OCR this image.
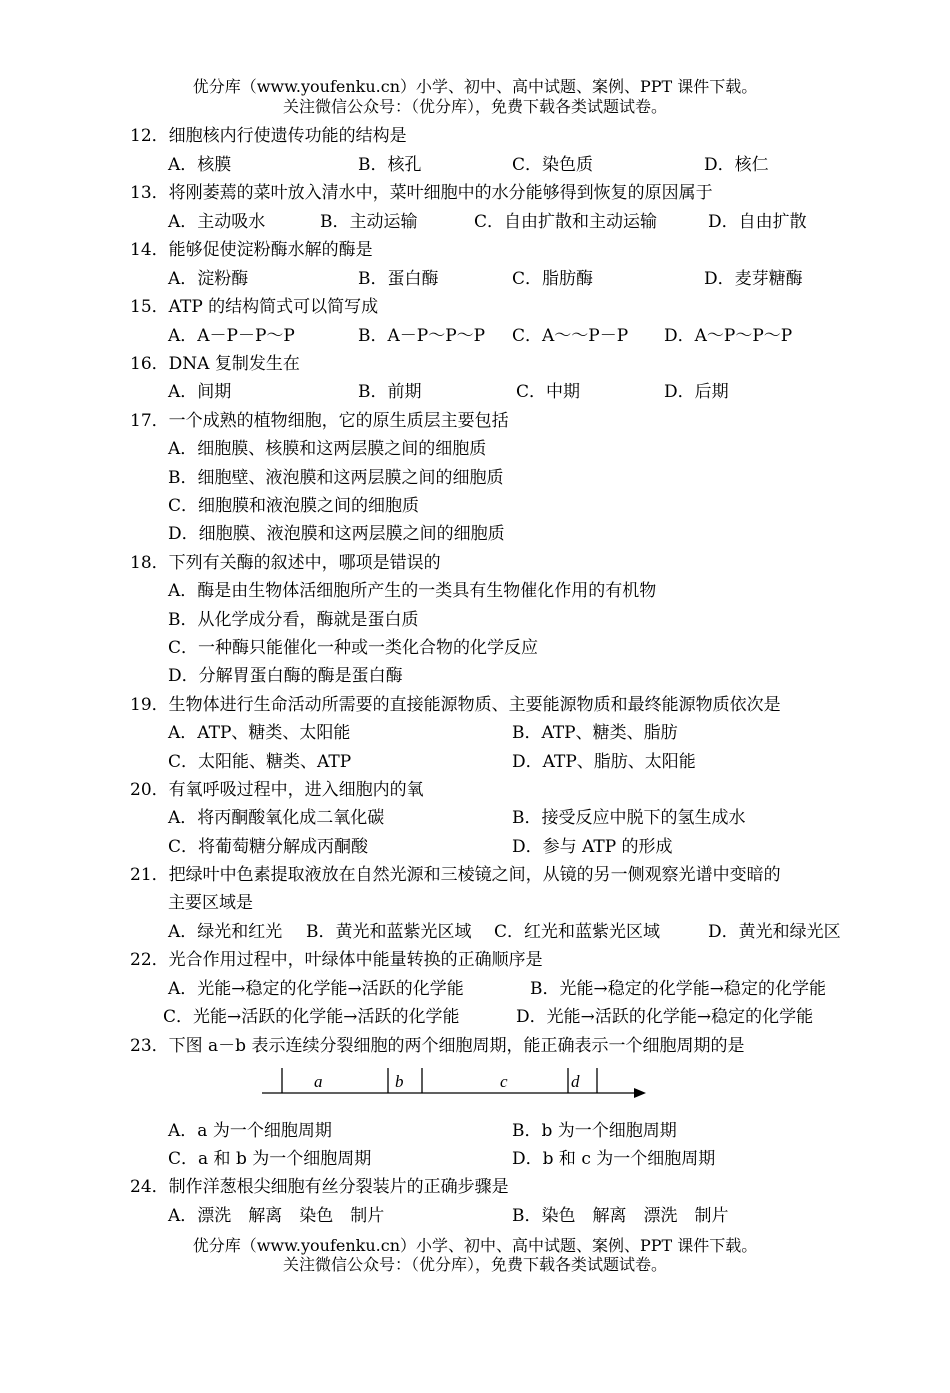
优分库（www.youfenku.cn）小学、初中、高中试题、案例、PPT 课件下载。
关注微信公众号：（优分库），免费下载各类试题试卷。
12．细胞核内行使遗传功能的结构是
A．核膜	B．核孔	C．染色质	D．核仁
13．将刚萎蔫的菜叶放入清水中，菜叶细胞中的水分能够得到恢复的原因属于
A．主动吸水	B．主动运输	C．自由扩散和主动运输	D．自由扩散
14．能够促使淀粉酶水解的酶是
A．淀粉酶	B．蛋白酶	C．脂肪酶	D．麦芽糖酶
15．ATP 的结构简式可以简写成
A．A－P－P～P	B．A－P～P～P C．A～～P－P D．A～P～P～P
16．DNA 复制发生在
A．间期	B．前期	C．中期	D．后期
17．一个成熟的植物细胞，它的原生质层主要包括
A．细胞膜、核膜和这两层膜之间的细胞质
B．细胞壁、液泡膜和这两层膜之间的细胞质
C．细胞膜和液泡膜之间的细胞质
D．细胞膜、液泡膜和这两层膜之间的细胞质
18．下列有关酶的叙述中，哪项是错误的
A．酶是由生物体活细胞所产生的一类具有生物催化作用的有机物
B．从化学成分看，酶就是蛋白质
C．一种酶只能催化一种或一类化合物的化学反应
D．分解胃蛋白酶的酶是蛋白酶
19．生物体进行生命活动所需要的直接能源物质、主要能源物质和最终能源物质依次是
A．ATP、糖类、太阳能	B．ATP、糖类、脂肪
C．太阳能、糖类、ATP	D．ATP、脂肪、太阳能
20．有氧呼吸过程中，进入细胞内的氧
A．将丙酮酸氧化成二氧化碳	B．接受反应中脱下的氢生成水
C．将葡萄糖分解成丙酮酸	D．参与 ATP 的形成
21．把绿叶中色素提取液放在自然光源和三棱镜之间，从镜的另一侧观察光谱中变暗的
主要区域是
A．绿光和红光 B．黄光和蓝紫光区域 C．红光和蓝紫光区域	D．黄光和绿光区
22．光合作用过程中，叶绿体中能量转换的正确顺序是
A．光能→稳定的化学能→活跃的化学能	B．光能→稳定的化学能→稳定的化学能
C．光能→活跃的化学能→活跃的化学能	D．光能→活跃的化学能→稳定的化学能
23．下图 a－b 表示连续分裂细胞的两个细胞周期，能正确表示一个细胞周期的是
a	b	c	d
A．a 为一个细胞周期	B．b 为一个细胞周期
C．a 和 b 为一个细胞周期	D．b 和 c 为一个细胞周期
24．制作洋葱根尖细胞有丝分裂装片的正确步骤是
A．漂洗　解离　染色　制片	B．染色　解离　漂洗　制片
优分库（www.youfenku.cn）小学、初中、高中试题、案例、PPT 课件下载。
关注微信公众号：（优分库），免费下载各类试题试卷。
